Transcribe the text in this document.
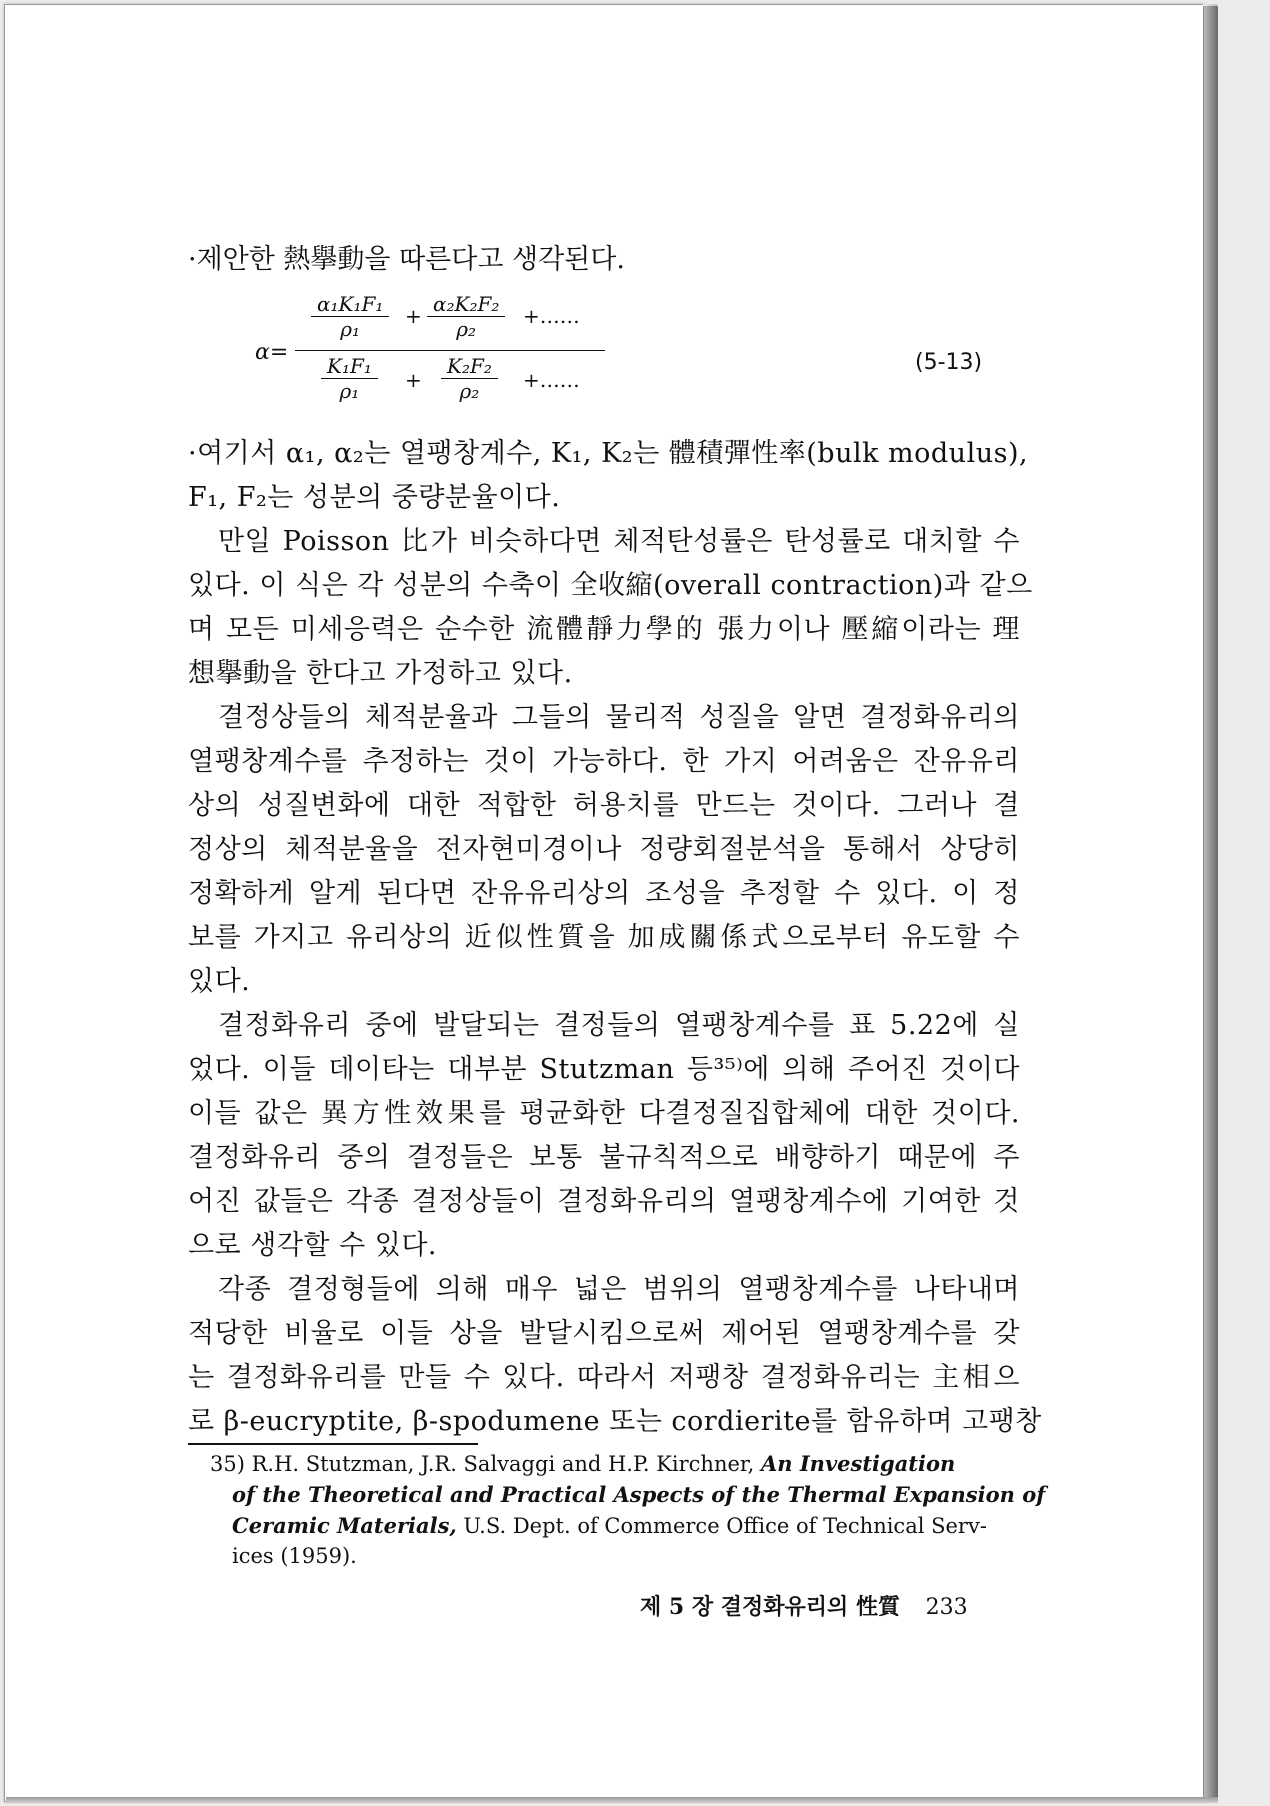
·제안한 熱擧動을 따른다고 생각된다.
α=
$\frac{\text{α₁K₁F₁}}{\text{ρ₁}} + \frac{\text{α₂K₂F₂}}{\text{ρ₂}}$ +……
$\frac{\text{K₁F₁}}{\text{ρ₁}} + \frac{\text{K₂F₂}}{\text{ρ₂}}$ +……
(5-13)
·여기서 α₁, α₂는 열팽창계수, K₁, K₂는 體積彈性率(bulk modulus),
F₁, F₂는 성분의 중량분율이다.
만일 Poisson 比가 비슷하다면 체적탄성률은 탄성률로 대치할 수
있다. 이 식은 각 성분의 수축이 全收縮(overall contraction)과 같으
며 모든 미세응력은 순수한 流體靜力學的 張力이나 壓縮이라는 理
想擧動을 한다고 가정하고 있다.
결정상들의 체적분율과 그들의 물리적 성질을 알면 결정화유리의
열팽창계수를 추정하는 것이 가능하다. 한 가지 어려움은 잔유유리
상의 성질변화에 대한 적합한 허용치를 만드는 것이다. 그러나 결
정상의 체적분율을 전자현미경이나 정량회절분석을 통해서 상당히
정확하게 알게 된다면 잔유유리상의 조성을 추정할 수 있다. 이 정
보를 가지고 유리상의 近似性質을 加成關係式으로부터 유도할 수
있다.
결정화유리 중에 발달되는 결정들의 열팽창계수를 표 5.22에 실
었다. 이들 데이타는 대부분 Stutzman 등³⁵⁾에 의해 주어진 것이다
이들 값은 異方性效果를 평균화한 다결정질집합체에 대한 것이다.
결정화유리 중의 결정들은 보통 불규칙적으로 배향하기 때문에 주
어진 값들은 각종 결정상들이 결정화유리의 열팽창계수에 기여한 것
으로 생각할 수 있다.
각종 결정형들에 의해 매우 넓은 범위의 열팽창계수를 나타내며
적당한 비율로 이들 상을 발달시킴으로써 제어된 열팽창계수를 갖
는 결정화유리를 만들 수 있다. 따라서 저팽창 결정화유리는 主相으
로 β-eucryptite, β-spodumene 또는 cordierite를 함유하며 고팽창
35) R.H. Stutzman, J.R. Salvaggi and H.P. Kirchner, An Investigation
of the Theoretical and Practical Aspects of the Thermal Expansion of
Ceramic Materials, U.S. Dept. of Commerce Office of Technical Serv-
ices (1959).
제 5 장 결정화유리의 性質 233
